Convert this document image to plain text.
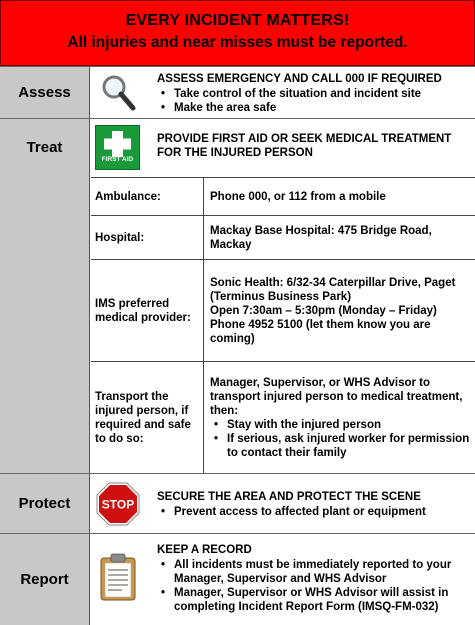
EVERY INCIDENT MATTERS!
All injuries and near misses must be reported.
Assess
ASSESS EMERGENCY AND CALL 000 IF REQUIRED
• Take control of the situation and incident site
• Make the area safe
Treat
FIRST AID
PROVIDE FIRST AID OR SEEK MEDICAL TREATMENT
FOR THE INJURED PERSON
Ambulance:	Phone 000, or 112 from a mobile
Hospital:
Mackay Base Hospital: 475 Bridge Road, Mackay
IMS preferred
medical provider:
Sonic Health: 6/32-34 Caterpillar Drive, Paget
(Terminus Business Park)
Open 7:30am – 5:30pm (Monday – Friday)
Phone 4952 5100 (let them know you are
coming)
Transport the
injured person, if
required and safe
to do so:
Manager, Supervisor, or WHS Advisor to
transport injured person to medical treatment,
then:
• Stay with the injured person
• If serious, ask injured worker for permission
to contact their family
Protect	STOP
SECURE THE AREA AND PROTECT THE SCENE
• Prevent access to affected plant or equipment
Report
KEEP A RECORD
• All incidents must be immediately reported to your
Manager, Supervisor and WHS Advisor
• Manager, Supervisor or WHS Advisor will assist in
completing Incident Report Form (IMSQ-FM-032)
